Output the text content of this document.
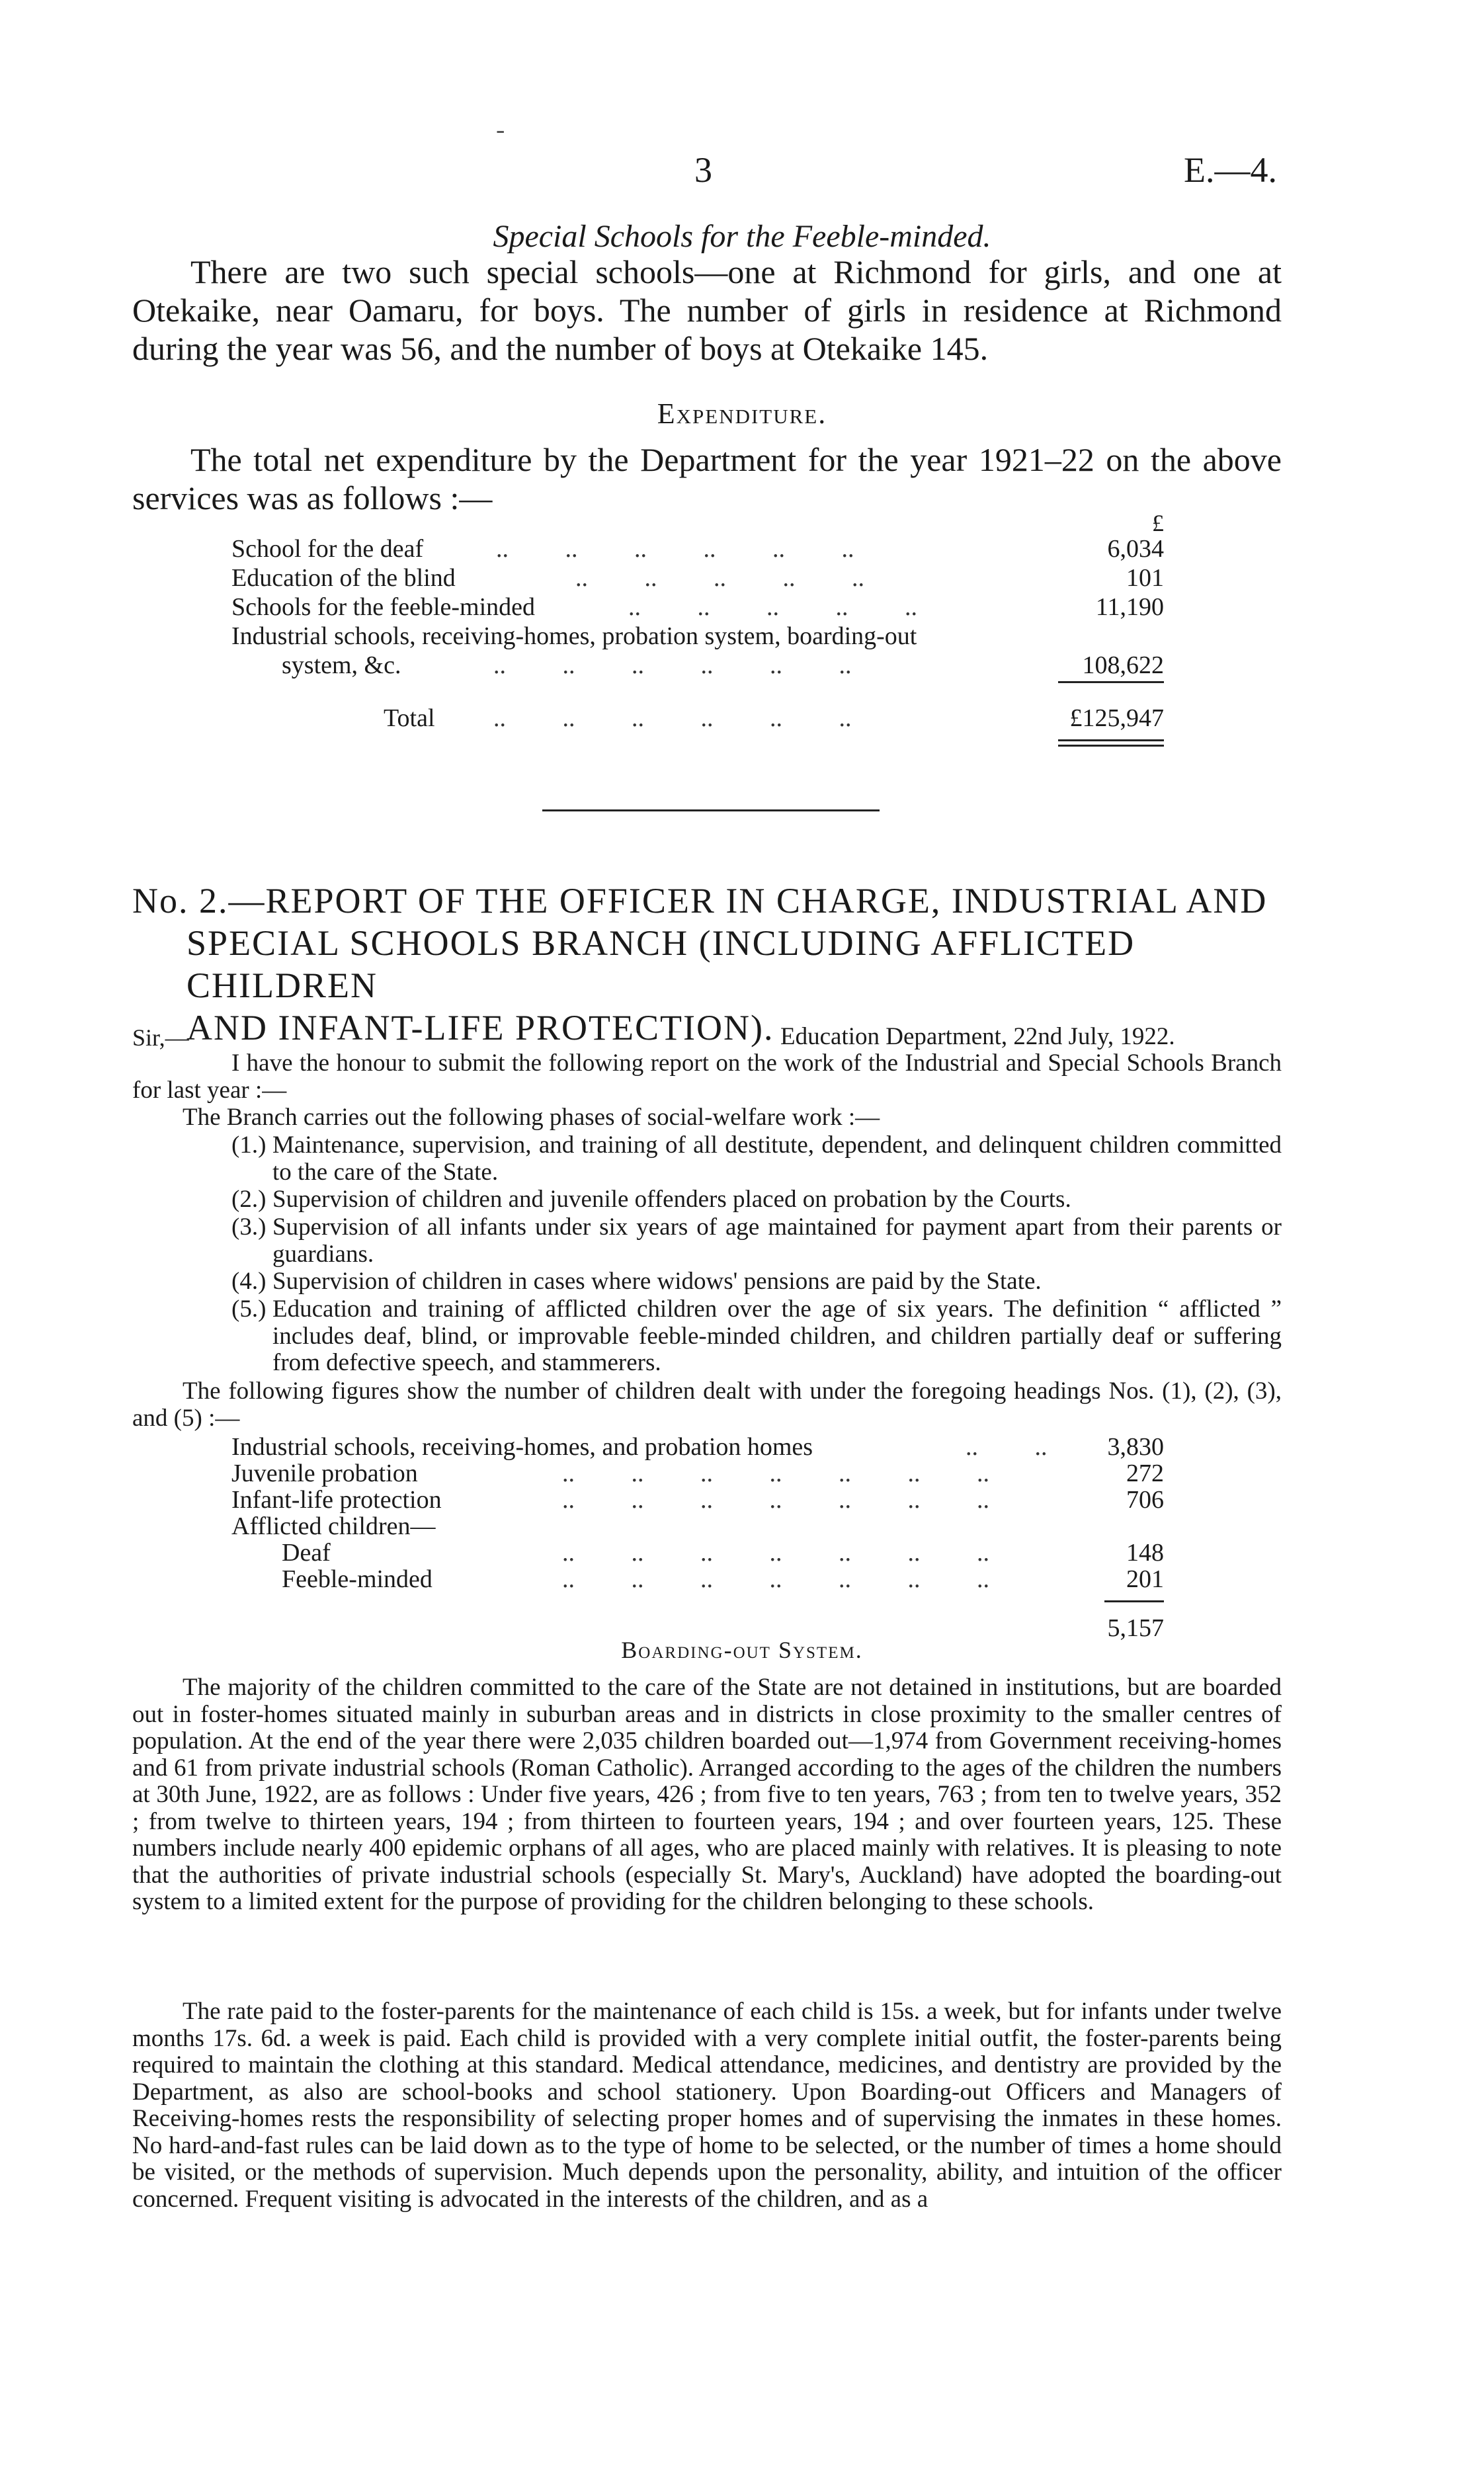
-
3	E.—4.
Special Schools for the Feeble-minded.
There are two such special schools—one at Richmond for girls, and one at Otekaike, near Oamaru, for boys. The number of girls in residence at Richmond during the year was 56, and the number of boys at Otekaike 145.
Expenditure.
The total net expenditure by the Department for the year 1921–22 on the above services was as follows :—
£
School for the deaf	..         ..         ..         ..         ..         ..	6,034
Education of the blind	..         ..         ..         ..         ..	101
Schools for the feeble-minded	..         ..         ..         ..         ..	11,190
Industrial schools, receiving-homes, probation system, boarding-out
system, &c.	..         ..         ..         ..         ..         ..	108,622
Total ..         ..         ..         ..         ..         ..	£125,947
No. 2.—REPORT OF THE OFFICER IN CHARGE, INDUSTRIAL AND
SPECIAL SCHOOLS BRANCH (INCLUDING AFFLICTED CHILDREN
AND INFANT-LIFE PROTECTION).
Sir,—	Education Department, 22nd July, 1922.
I have the honour to submit the following report on the work of the Industrial and Special Schools Branch for last year :—
The Branch carries out the following phases of social-welfare work :—
(1.) Maintenance, supervision, and training of all destitute, dependent, and delinquent children committed to the care of the State.
(2.) Supervision of children and juvenile offenders placed on probation by the Courts.
(3.) Supervision of all infants under six years of age maintained for payment apart from their parents or guardians.
(4.) Supervision of children in cases where widows' pensions are paid by the State.
(5.) Education and training of afflicted children over the age of six years. The definition “ afflicted ” includes deaf, blind, or improvable feeble-minded children, and children partially deaf or suffering from defective speech, and stammerers.
The following figures show the number of children dealt with under the foregoing headings Nos. (1), (2), (3), and (5) :—
Industrial schools, receiving-homes, and probation homes	..         ..	3,830
Juvenile probation	..         ..         ..         ..         ..         ..         ..	272
Infant-life protection	..         ..         ..         ..         ..         ..         ..	706
Afflicted children—
Deaf	..         ..         ..         ..         ..         ..         ..	148
Feeble-minded	..         ..         ..         ..         ..         ..         ..	201
5,157
Boarding-out System.
The majority of the children committed to the care of the State are not detained in institutions, but are boarded out in foster-homes situated mainly in suburban areas and in districts in close proximity to the smaller centres of population. At the end of the year there were 2,035 children boarded out—1,974 from Government receiving-homes and 61 from private industrial schools (Roman Catholic). Arranged according to the ages of the children the numbers at 30th June, 1922, are as follows : Under five years, 426 ; from five to ten years, 763 ; from ten to twelve years, 352 ; from twelve to thirteen years, 194 ; from thirteen to fourteen years, 194 ; and over fourteen years, 125. These numbers include nearly 400 epidemic orphans of all ages, who are placed mainly with relatives. It is pleasing to note that the authorities of private industrial schools (especially St. Mary's, Auckland) have adopted the boarding-out system to a limited extent for the purpose of providing for the children belonging to these schools.
The rate paid to the foster-parents for the maintenance of each child is 15s. a week, but for infants under twelve months 17s. 6d. a week is paid. Each child is provided with a very complete initial outfit, the foster-parents being required to maintain the clothing at this standard. Medical attendance, medicines, and dentistry are provided by the Department, as also are school-books and school stationery. Upon Boarding-out Officers and Managers of Receiving-homes rests the responsibility of selecting proper homes and of supervising the inmates in these homes. No hard-and-fast rules can be laid down as to the type of home to be selected, or the number of times a home should be visited, or the methods of supervision. Much depends upon the personality, ability, and intuition of the officer concerned. Frequent visiting is advocated in the interests of the children, and as a
